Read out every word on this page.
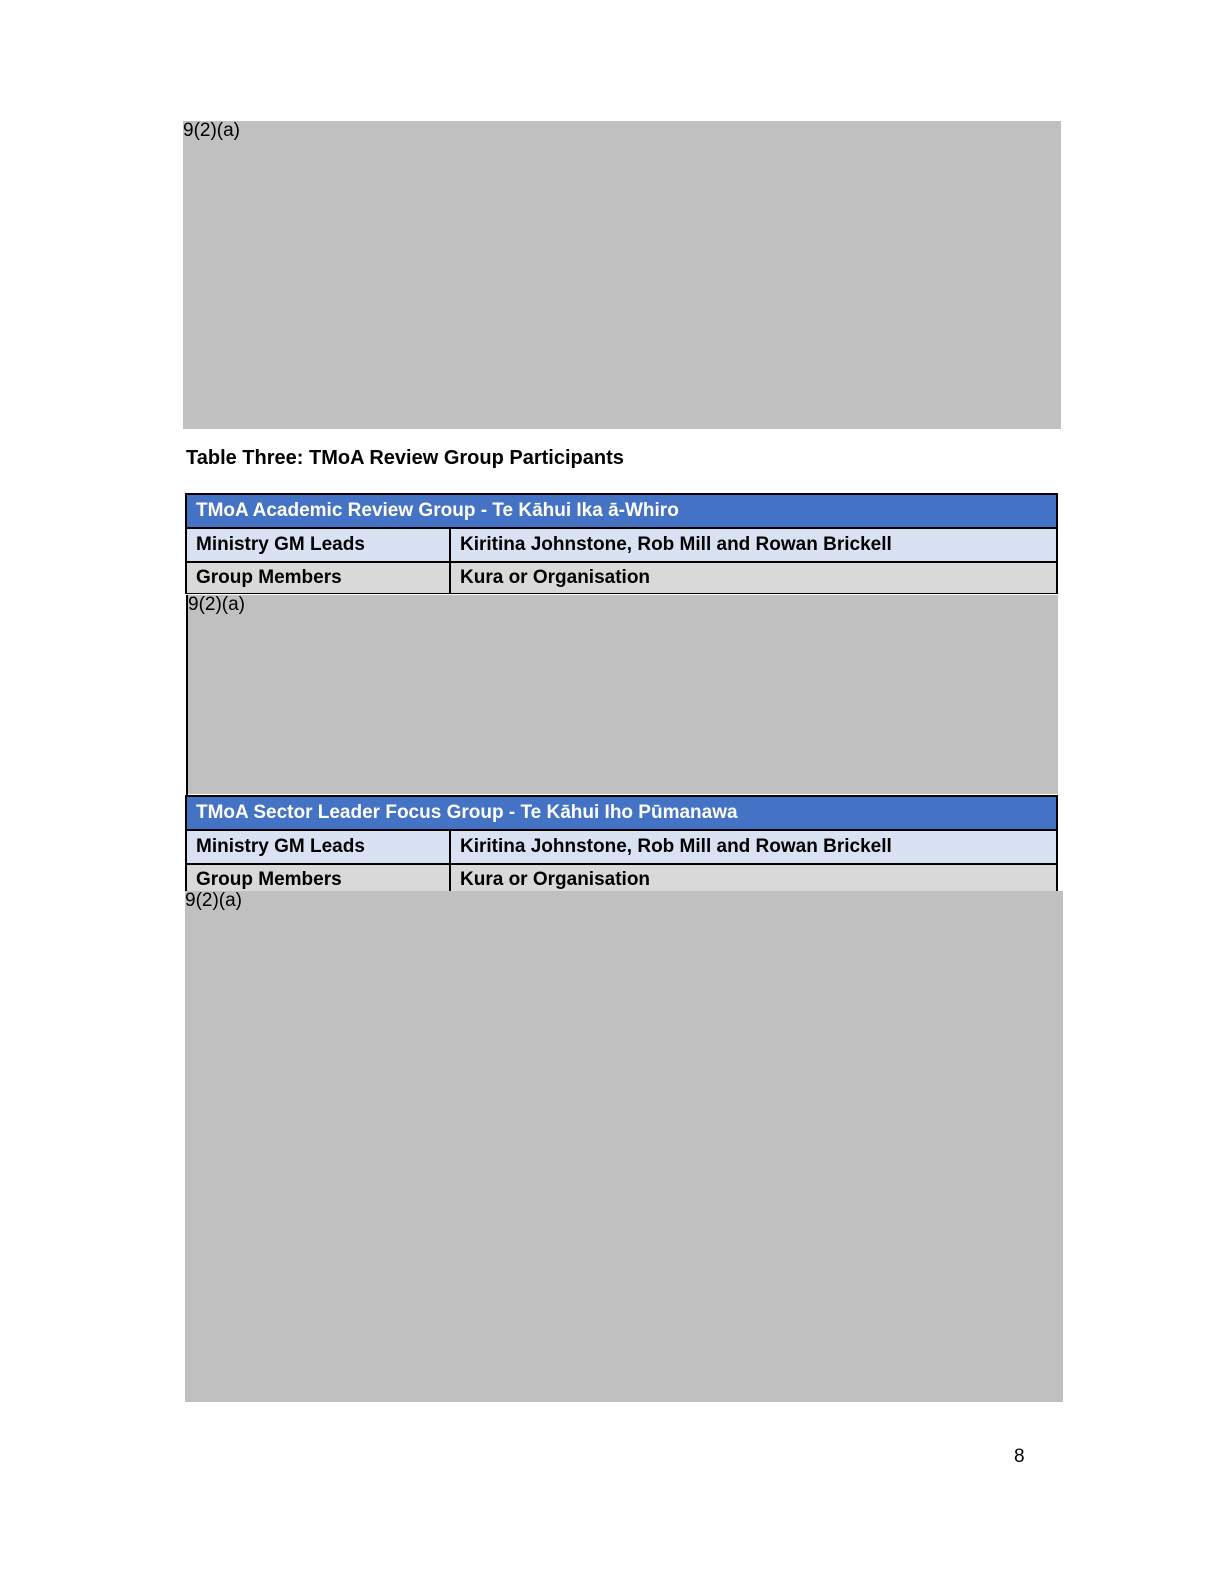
9(2)(a)
Table Three: TMoA Review Group Participants
TMoA Academic Review Group - Te Kāhui Ika ā-Whiro
Ministry GM Leads	Kiritina Johnstone, Rob Mill and Rowan Brickell
Group Members	Kura or Organisation
9(2)(a)
TMoA Sector Leader Focus Group - Te Kāhui Iho Pūmanawa
Ministry GM Leads	Kiritina Johnstone, Rob Mill and Rowan Brickell
Group Members	Kura or Organisation
9(2)(a)
8
